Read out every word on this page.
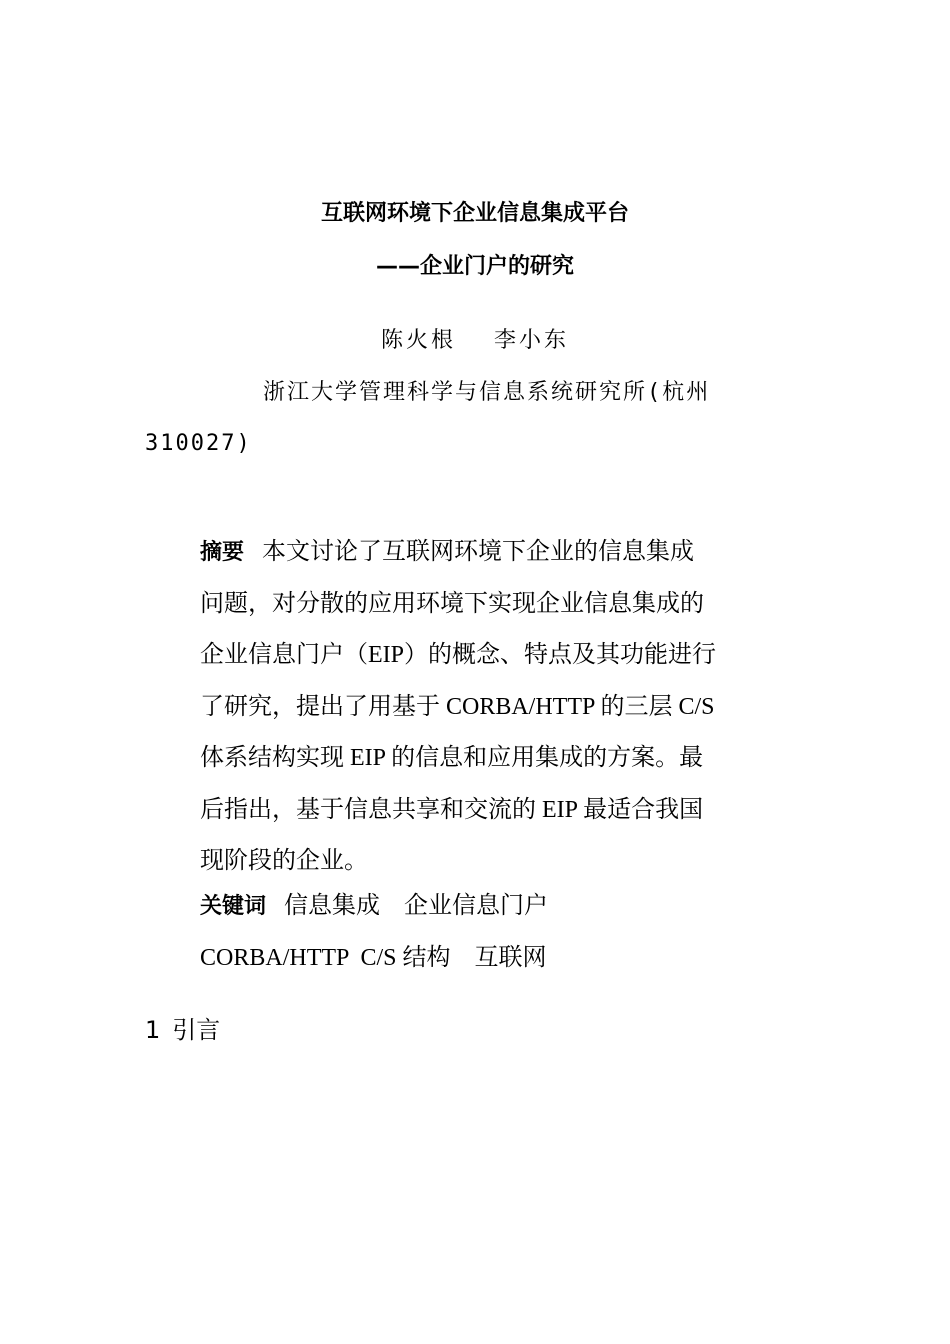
互联网环境下企业信息集成平台
——企业门户的研究
陈火根 李小东
浙江大学管理科学与信息系统研究所(杭州
310027)
摘要 本文讨论了互联网环境下企业的信息集成
问题，对分散的应用环境下实现企业信息集成的
企业信息门户（EIP）的概念、特点及其功能进行
了研究，提出了用基于 CORBA/HTTP 的三层 C/S
体系结构实现 EIP 的信息和应用集成的方案。最
后指出，基于信息共享和交流的 EIP 最适合我国
现阶段的企业。
关键词 信息集成　企业信息门户
CORBA/HTTP  C/S 结构　互联网
1 引言
